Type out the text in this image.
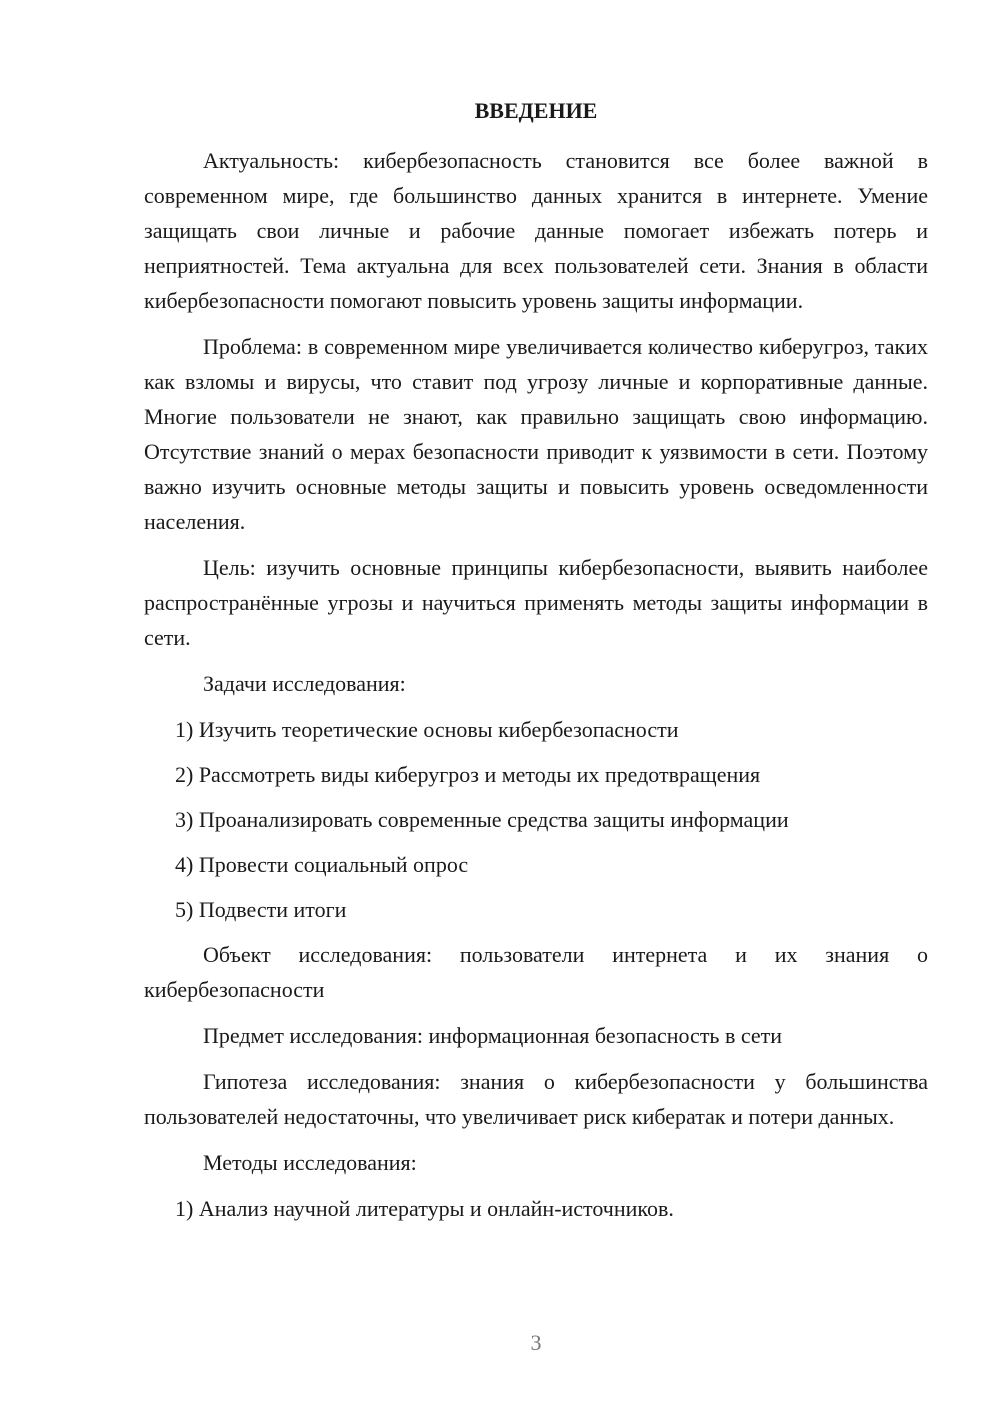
ВВЕДЕНИЕ

Актуальность: кибербезопасность становится все более важной в современном мире, где большинство данных хранится в интернете. Умение защищать свои личные и рабочие данные помогает избежать потерь и неприятностей. Тема актуальна для всех пользователей сети. Знания в области кибербезопасности помогают повысить уровень защиты информации.

Проблема: в современном мире увеличивается количество киберугроз, таких как взломы и вирусы, что ставит под угрозу личные и корпоративные данные. Многие пользователи не знают, как правильно защищать свою информацию. Отсутствие знаний о мерах безопасности приводит к уязвимости в сети. Поэтому важно изучить основные методы защиты и повысить уровень осведомленности населения.

Цель: изучить основные принципы кибербезопасности, выявить наиболее распространённые угрозы и научиться применять методы защиты информации в сети.

Задачи исследования:

1) Изучить теоретические основы кибербезопасности

2) Рассмотреть виды киберугроз и методы их предотвращения

3) Проанализировать современные средства защиты информации

4) Провести социальный опрос

5) Подвести итоги

Объект исследования: пользователи интернета и их знания о кибербезопасности

Предмет исследования: информационная безопасность в сети

Гипотеза исследования: знания о кибербезопасности у большинства пользователей недостаточны, что увеличивает риск кибератак и потери данных.

Методы исследования:

1) Анализ научной литературы и онлайн-источников.

3
